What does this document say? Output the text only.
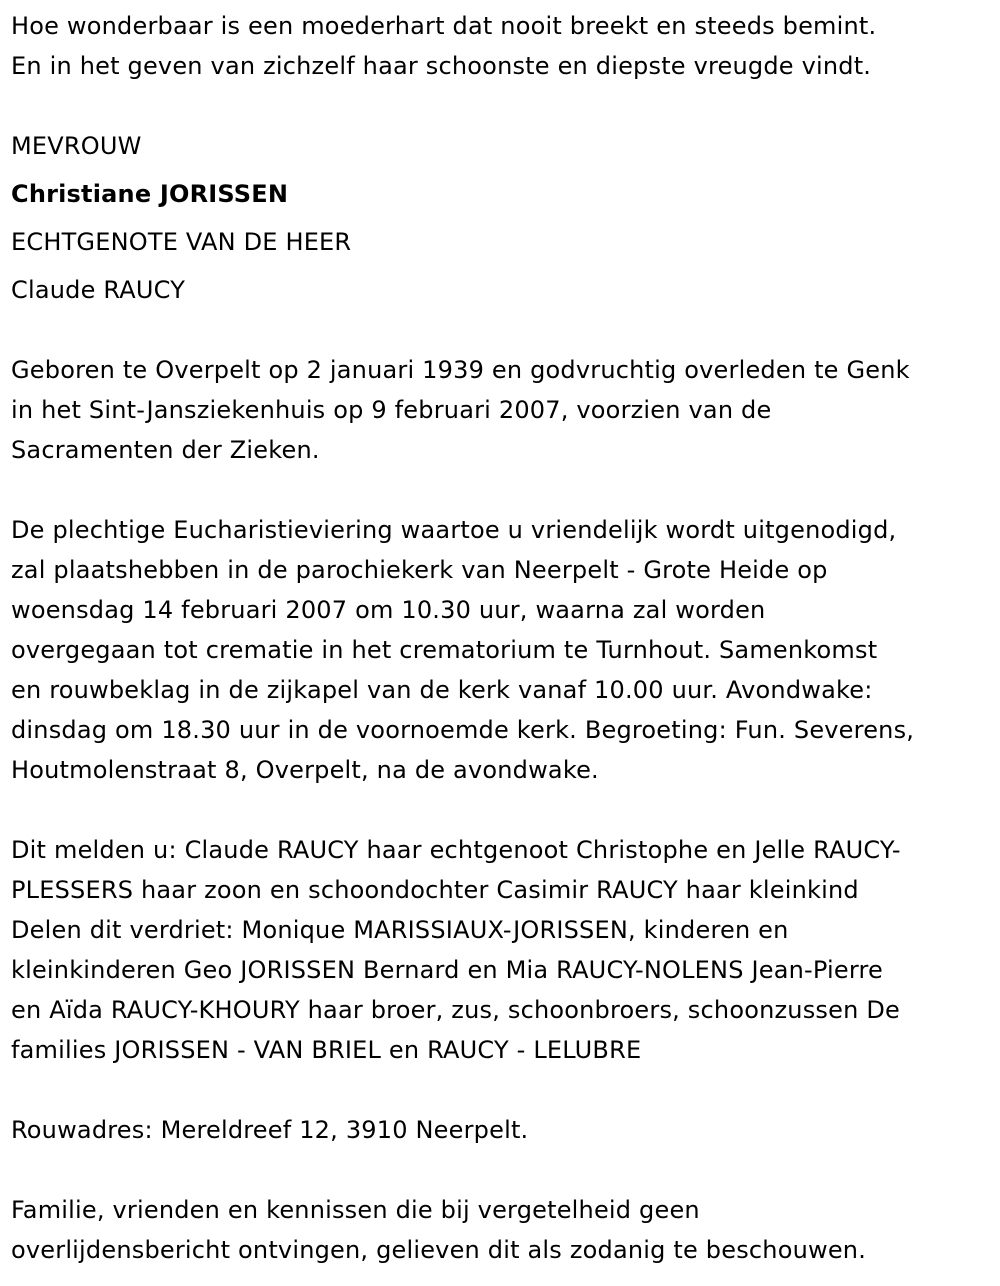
Hoe wonderbaar is een moederhart dat nooit breekt en steeds bemint.
En in het geven van zichzelf haar schoonste en diepste vreugde vindt.
MEVROUW
Christiane JORISSEN
ECHTGENOTE VAN DE HEER
Claude RAUCY
Geboren te Overpelt op 2 januari 1939 en godvruchtig overleden te Genk
in het Sint-Jansziekenhuis op 9 februari 2007, voorzien van de
Sacramenten der Zieken.
De plechtige Eucharistieviering waartoe u vriendelijk wordt uitgenodigd,
zal plaatshebben in de parochiekerk van Neerpelt - Grote Heide op
woensdag 14 februari 2007 om 10.30 uur, waarna zal worden
overgegaan tot crematie in het crematorium te Turnhout. Samenkomst
en rouwbeklag in de zijkapel van de kerk vanaf 10.00 uur. Avondwake:
dinsdag om 18.30 uur in de voornoemde kerk. Begroeting: Fun. Severens,
Houtmolenstraat 8, Overpelt, na de avondwake.
Dit melden u: Claude RAUCY haar echtgenoot Christophe en Jelle RAUCY-
PLESSERS haar zoon en schoondochter Casimir RAUCY haar kleinkind
Delen dit verdriet: Monique MARISSIAUX-JORISSEN, kinderen en
kleinkinderen Geo JORISSEN Bernard en Mia RAUCY-NOLENS Jean-Pierre
en Aïda RAUCY-KHOURY haar broer, zus, schoonbroers, schoonzussen De
families JORISSEN - VAN BRIEL en RAUCY - LELUBRE
Rouwadres: Mereldreef 12, 3910 Neerpelt.
Familie, vrienden en kennissen die bij vergetelheid geen
overlijdensbericht ontvingen, gelieven dit als zodanig te beschouwen.
